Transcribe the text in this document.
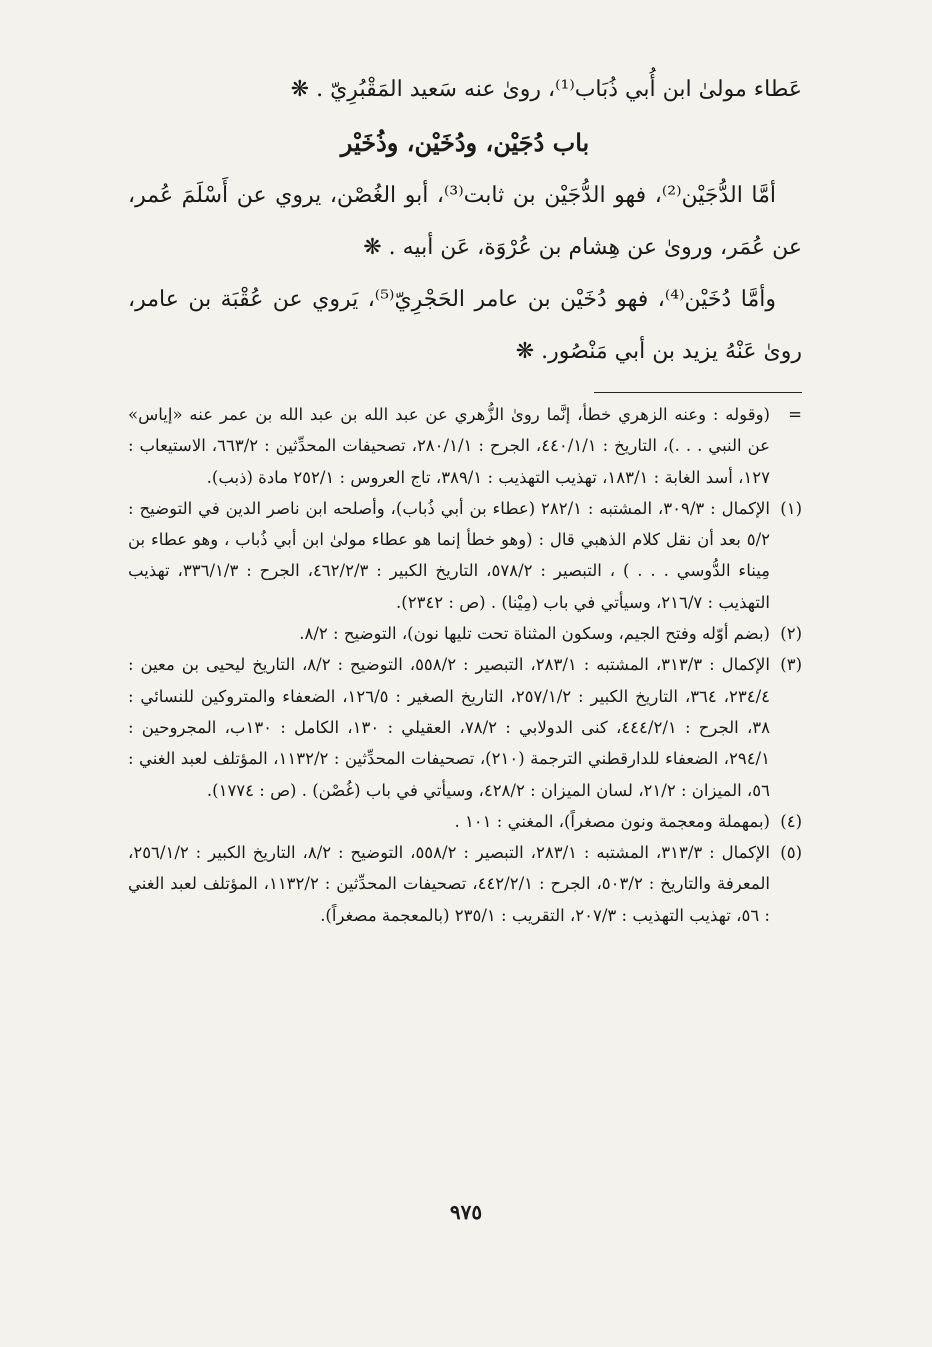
عَطاء مولىٰ ابن أُبي ذُبَاب⁽¹⁾، روىٰ عنه سَعيد المَقْبُرِيّ . ❋

باب دُجَيْن، ودُخَيْن، وذُخَيْر

أمَّا الدُّجَيْن⁽²⁾، فهو الدُّجَيْن بن ثابت⁽³⁾، أبو الغُصْن، يروي عن أَسْلَمَ عُمر، عن عُمَر، وروىٰ عن هِشام بن عُرْوَة، عَن أبيه . ❋

وأمَّا دُخَيْن⁽⁴⁾، فهو دُخَيْن بن عامر الحَجْرِيّ⁽⁵⁾، يَروي عن عُقْبَة بن عامر، روىٰ عَنْهُ يزيد بن أبي مَنْصُور. ❋

=
(وقوله : وعنه الزهري خطأ، إنَّما روىٰ الزُّهري عن عبد الله بن عبد الله بن عمر عنه «إياس» عن النبي . . .)، التاريخ : ٤٤٠/١/١، الجرح : ٢٨٠/١/١، تصحيفات المحدِّثين : ٦٦٣/٢، الاستيعاب : ١٢٧، أسد الغابة : ١٨٣/١، تهذيب التهذيب : ٣٨٩/١، تاج العروس : ٢٥٢/١ مادة (ذبب).
(١)
الإكمال : ٣٠٩/٣، المشتبه : ٢٨٢/١ (عطاء بن أبي ذُباب)، وأصلحه ابن ناصر الدين في التوضيح : ٥/٢ بعد أن نقل كلام الذهبي قال : (وهو خطأ إنما هو عطاء مولىٰ ابن أبي ذُباب ، وهو عطاء بن مِيناء الدُّوسي . . . ) ، التبصير : ٥٧٨/٢، التاريخ الكبير : ٤٦٢/٢/٣، الجرح : ٣٣٦/١/٣، تهذيب التهذيب : ٢١٦/٧، وسيأتي في باب (مِيْنا) . (ص : ٢٣٤٢).
(٢)
(بضم أوّله وفتح الجيم، وسكون المثناة تحت تليها نون)، التوضيح : ٨/٢.
(٣)
الإكمال : ٣١٣/٣، المشتبه : ٢٨٣/١، التبصير : ٥٥٨/٢، التوضيح : ٨/٢، التاريخ ليحيى بن معين : ٢٣٤/٤، ٣٦٤، التاريخ الكبير : ٢٥٧/١/٢، التاريخ الصغير : ١٢٦/٥، الضعفاء والمتروكين للنسائي : ٣٨، الجرح : ٤٤٤/٢/١، كنى الدولابي : ٧٨/٢، العقيلي : ١٣٠، الكامل : ١٣٠ب، المجروحين : ٢٩٤/١، الضعفاء للدارقطني الترجمة (٢١٠)، تصحيفات المحدِّثين : ١١٣٢/٢، المؤتلف لعبد الغني : ٥٦، الميزان : ٢١/٢، لسان الميزان : ٤٢٨/٢، وسيأتي في باب (غُصْن) . (ص : ١٧٧٤).
(٤)
(بمهملة ومعجمة ونون مصغراً)، المغني : ١٠١ .
(٥)
الإكمال : ٣١٣/٣، المشتبه : ٢٨٣/١، التبصير : ٥٥٨/٢، التوضيح : ٨/٢، التاريخ الكبير : ٢٥٦/١/٢، المعرفة والتاريخ : ٥٠٣/٢، الجرح : ٤٤٢/٢/١، تصحيفات المحدِّثين : ١١٣٢/٢، المؤتلف لعبد الغني : ٥٦، تهذيب التهذيب : ٢٠٧/٣، التقريب : ٢٣٥/١ (بالمعجمة مصغراً).
٩٧٥
